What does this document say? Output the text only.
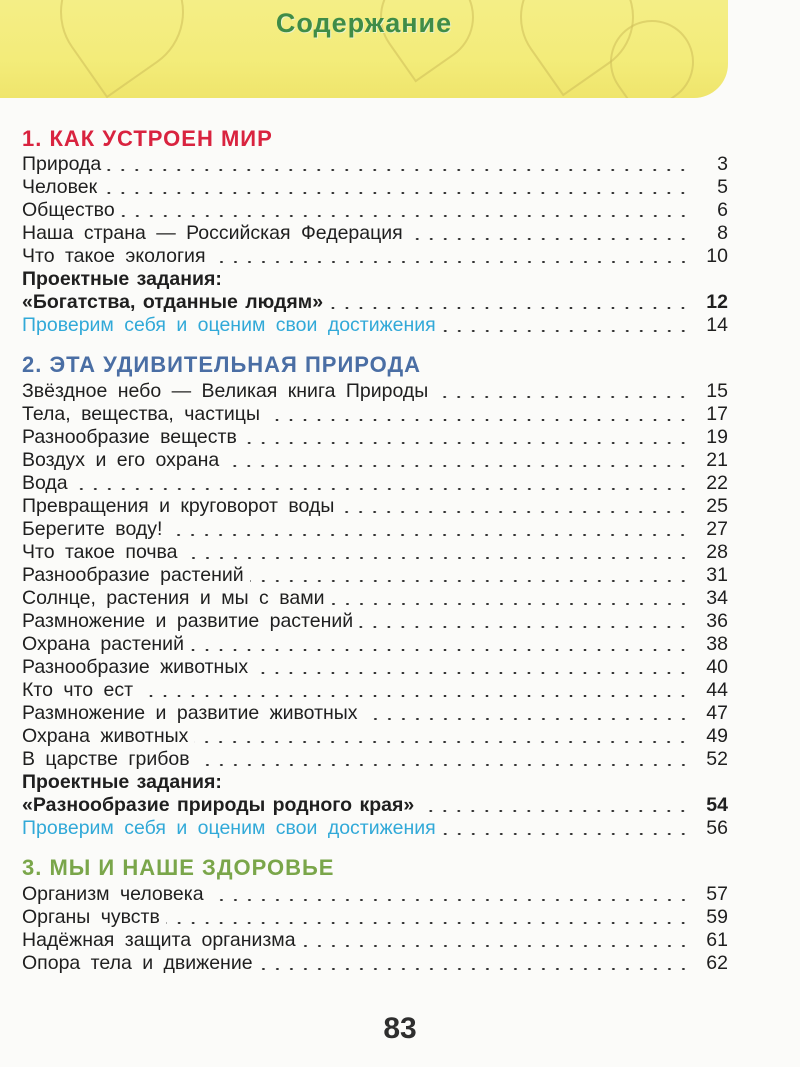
Содержание
1. КАК УСТРОЕН МИР
Природа	3
Человек	5
Общество	6
Наша страна — Российская Федерация	8
Что такое экология	10
Проектные задания:
«Богатства, отданные людям»	12
Проверим себя и оценим свои достижения	14
2. ЭТА УДИВИТЕЛЬНАЯ ПРИРОДА
Звёздное небо — Великая книга Природы	15
Тела, вещества, частицы	17
Разнообразие веществ	19
Воздух и его охрана	21
Вода	22
Превращения и круговорот воды	25
Берегите воду!	27
Что такое почва	28
Разнообразие растений	31
Солнце, растения и мы с вами	34
Размножение и развитие растений	36
Охрана растений	38
Разнообразие животных	40
Кто что ест	44
Размножение и развитие животных	47
Охрана животных	49
В царстве грибов	52
Проектные задания:
«Разнообразие природы родного края»	54
Проверим себя и оценим свои достижения	56
3. МЫ И НАШЕ ЗДОРОВЬЕ
Организм человека	57
Органы чувств	59
Надёжная защита организма	61
Опора тела и движение	62
83
